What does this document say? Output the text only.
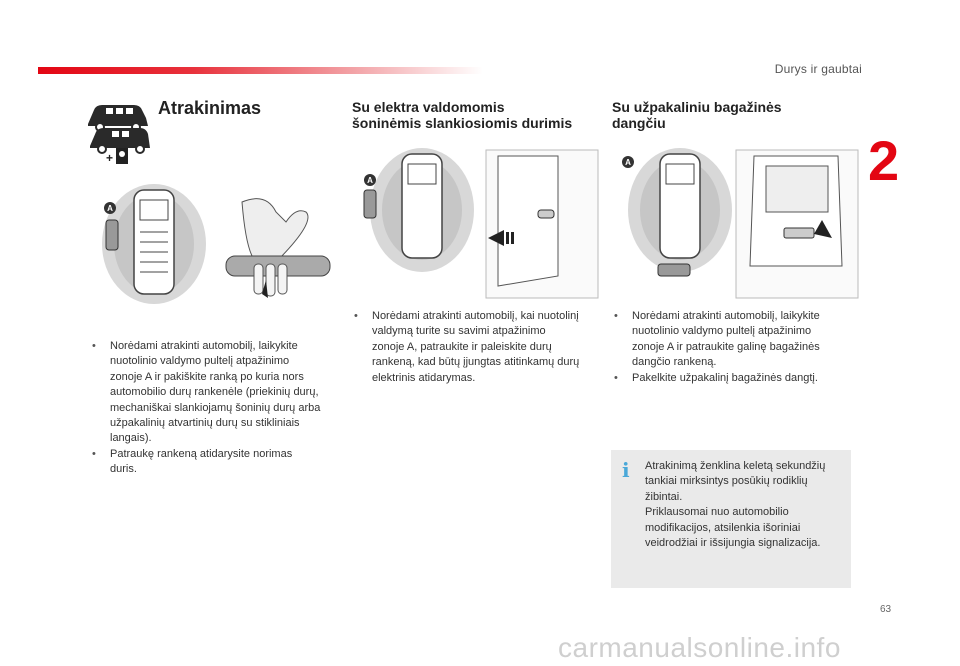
Durys ir gaubtai
2
63
+
Atrakinimas
A
• Norėdami atrakinti automobilį, laikykite
nuotolinio valdymo pultelį atpažinimo
zonoje A ir pakiškite ranką po kuria nors
automobilio durų rankenėle (priekinių durų,
mechaniškai slankiojamų šoninių durų arba
užpakalinių atvartinių durų su stikliniais
langais).
• Patraukę rankeną atidarysite norimas
duris.
Su elektra valdomomis
šoninėmis slankiosiomis durimis
A
• Norėdami atrakinti automobilį, kai nuotolinį
valdymą turite su savimi atpažinimo
zonoje A, patraukite ir paleiskite durų
rankeną, kad būtų įjungtas atitinkamų durų
elektrinis atidarymas.
Su užpakaliniu bagažinės
dangčiu
A
• Norėdami atrakinti automobilį, laikykite
nuotolinio valdymo pultelį atpažinimo
zonoje A ir patraukite galinę bagažinės
dangčio rankeną.
• Pakelkite užpakalinį bagažinės dangtį.
i Atrakinimą ženklina keletą sekundžių
tankiai mirksintys posūkių rodiklių
žibintai.
Priklausomai nuo automobilio
modifikacijos, atsilenkia išoriniai
veidrodžiai ir išsijungia signalizacija.
carmanualsonline.info
